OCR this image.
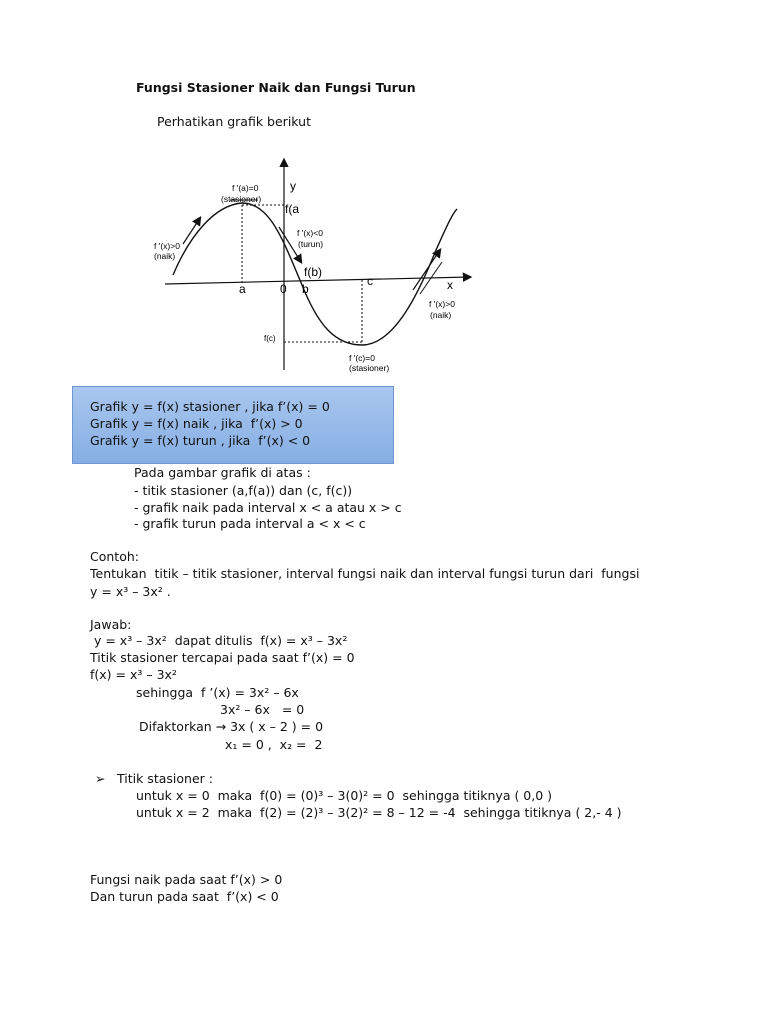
Fungsi Stasioner Naik dan Fungsi Turun
Perhatikan grafik berikut
y
x
a	0 b
c
f(a
f(b)
f(c)
f '(a)=0
(stasioner)
f '(x)>0
(naik)
f '(x)<0
(turun)
f '(x)>0
(naik)
f '(c)=0
(stasioner)
Grafik y = f(x) stasioner , jika f’(x) = 0
Grafik y = f(x) naik , jika  f’(x) > 0
Grafik y = f(x) turun , jika  f’(x) < 0
Pada gambar grafik di atas :
- titik stasioner (a,f(a)) dan (c, f(c))
- grafik naik pada interval x < a atau x > c
- grafik turun pada interval a < x < c
Contoh:
Tentukan  titik – titik stasioner, interval fungsi naik dan interval fungsi turun dari  fungsi
y = x³ – 3x² .
Jawab:
y = x³ – 3x²  dapat ditulis  f(x) = x³ – 3x²
Titik stasioner tercapai pada saat f’(x) = 0
f(x) = x³ – 3x²
sehingga  f ’(x) = 3x² – 6x
3x² – 6x   = 0
Difaktorkan → 3x ( x – 2 ) = 0
x₁ = 0 ,  x₂ =  2
➢ Titik stasioner :
untuk x = 0  maka  f(0) = (0)³ – 3(0)² = 0  sehingga titiknya ( 0,0 )
untuk x = 2  maka  f(2) = (2)³ – 3(2)² = 8 – 12 = -4  sehingga titiknya ( 2,- 4 )
Fungsi naik pada saat f’(x) > 0
Dan turun pada saat  f’(x) < 0
